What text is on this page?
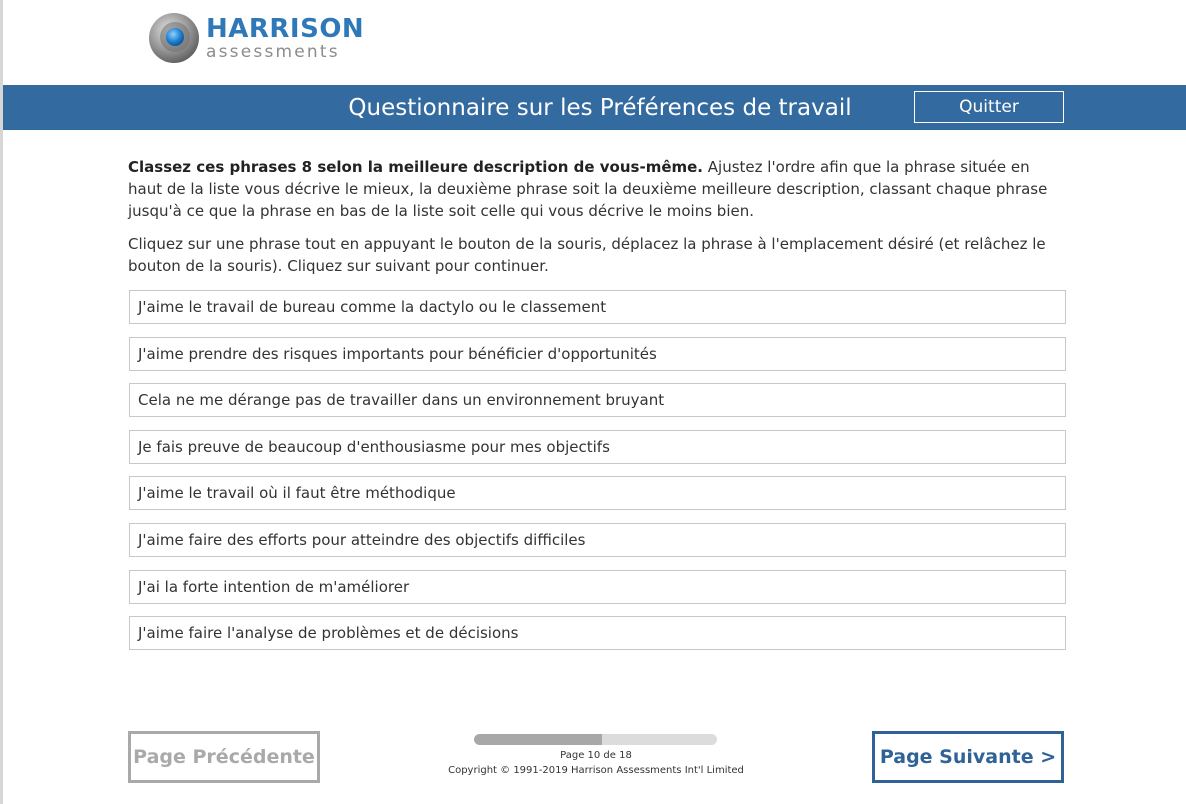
HARRISON
assessments
Questionnaire sur les Préférences de travail	Quitter

Classez ces phrases 8 selon la meilleure description de vous-même. Ajustez l'ordre afin que la phrase située en haut de la liste vous décrive le mieux, la deuxième phrase soit la deuxième meilleure description, classant chaque phrase jusqu'à ce que la phrase en bas de la liste soit celle qui vous décrive le moins bien.

Cliquez sur une phrase tout en appuyant le bouton de la souris, déplacez la phrase à l'emplacement désiré (et relâchez le bouton de la souris). Cliquez sur suivant pour continuer.

J'aime le travail de bureau comme la dactylo ou le classement
J'aime prendre des risques importants pour bénéficier d'opportunités
Cela ne me dérange pas de travailler dans un environnement bruyant
Je fais preuve de beaucoup d'enthousiasme pour mes objectifs
J'aime le travail où il faut être méthodique
J'aime faire des efforts pour atteindre des objectifs difficiles
J'ai la forte intention de m'améliorer
J'aime faire l'analyse de problèmes et de décisions
Page Précédente	Page 10 de 18
Copyright © 1991-2019 Harrison Assessments Int'l Limited
Page Suivante >
